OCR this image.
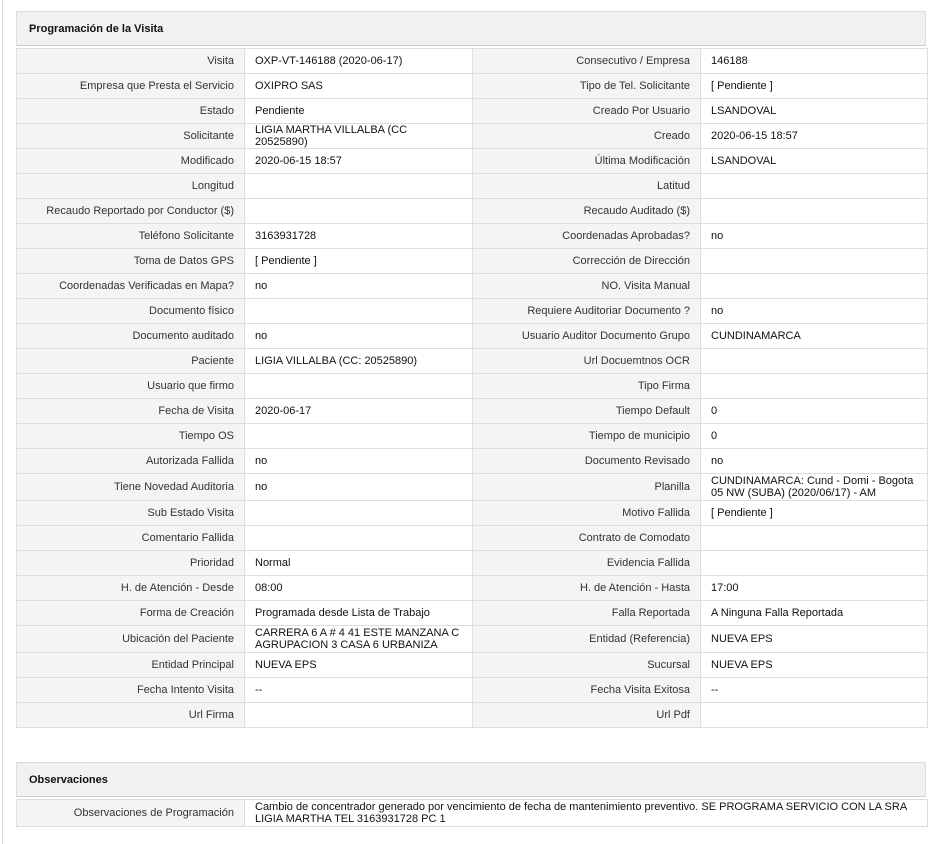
Programación de la Visita
Visita	OXP-VT-146188 (2020-06-17)	Consecutivo / Empresa	146188
Empresa que Presta el Servicio	OXIPRO SAS	Tipo de Tel. Solicitante	[ Pendiente ]
Estado	Pendiente	Creado Por Usuario	LSANDOVAL
Solicitante	LIGIA MARTHA VILLALBA (CC 20525890)	Creado	2020-06-15 18:57
Modificado	2020-06-15 18:57	Última Modificación	LSANDOVAL
Longitud		Latitud	
Recaudo Reportado por Conductor ($)		Recaudo Auditado ($)	
Teléfono Solicitante	3163931728	Coordenadas Aprobadas?	no
Toma de Datos GPS	[ Pendiente ]	Corrección de Dirección	
Coordenadas Verificadas en Mapa?	no	NO. Visita Manual	
Documento físico		Requiere Auditoriar Documento ?	no
Documento auditado	no	Usuario Auditor Documento Grupo	CUNDINAMARCA
Paciente	LIGIA VILLALBA (CC: 20525890)	Url Docuemtnos OCR	
Usuario que firmo		Tipo Firma	
Fecha de Visita	2020-06-17	Tiempo Default	0
Tiempo OS		Tiempo de municipio	0
Autorizada Fallida	no	Documento Revisado	no
Tiene Novedad Auditoria	no	Planilla	CUNDINAMARCA: Cund - Domi - Bogota 05 NW (SUBA) (2020/06/17) - AM
Sub Estado Visita		Motivo Fallida	[ Pendiente ]
Comentario Fallida		Contrato de Comodato	
Prioridad	Normal	Evidencia Fallida	
H. de Atención - Desde	08:00	H. de Atención - Hasta	17:00
Forma de Creación	Programada desde Lista de Trabajo	Falla Reportada	A Ninguna Falla Reportada
Ubicación del Paciente	CARRERA 6 A # 4 41 ESTE MANZANA C AGRUPACION 3 CASA 6 URBANIZA	Entidad (Referencia)	NUEVA EPS
Entidad Principal	NUEVA EPS	Sucursal	NUEVA EPS
Fecha Intento Visita	--	Fecha Visita Exitosa	--
Url Firma		Url Pdf	
Observaciones
Observaciones de Programación	Cambio de concentrador generado por vencimiento de fecha de mantenimiento preventivo. SE PROGRAMA SERVICIO CON LA SRA LIGIA MARTHA TEL 3163931728 PC 1
